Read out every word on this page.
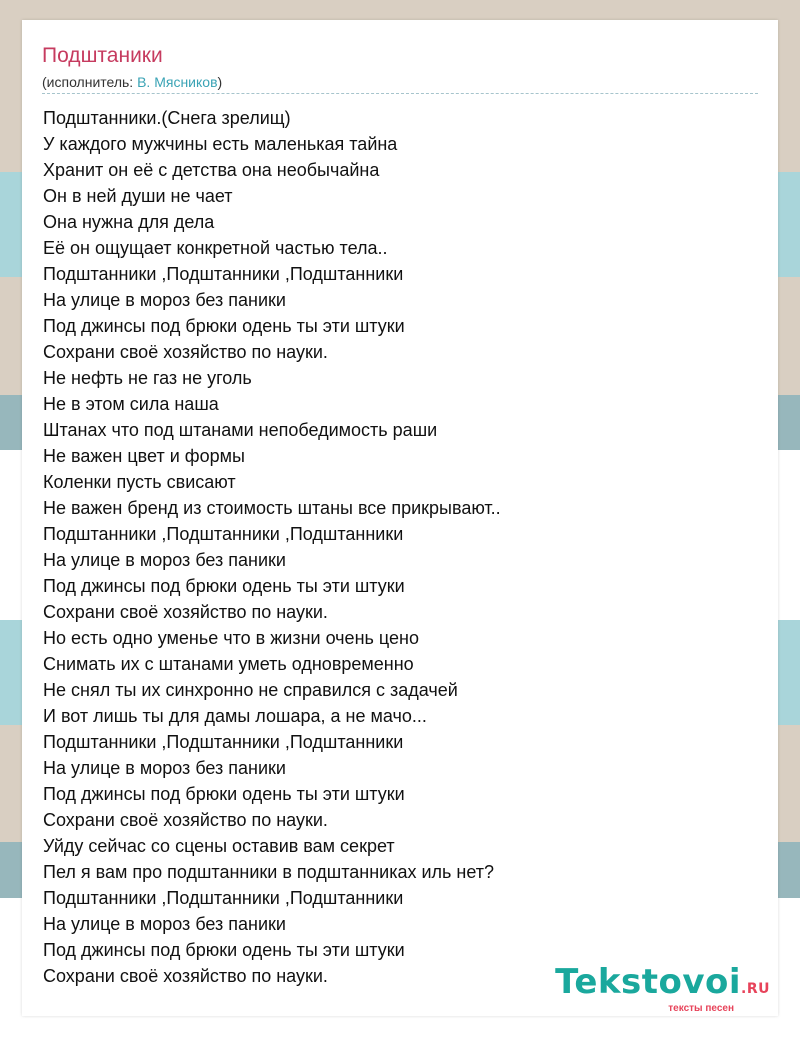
Подштаники
(исполнитель: В. Мясников)
Подштанники.(Снега зрелищ)
У каждого мужчины есть маленькая тайна
Хранит он её с детства она необычайна
Он в ней души не чает
Она нужна для дела
Её он ощущает конкретной частью тела..
Подштанники ,Подштанники ,Подштанники
На улице в мороз без паники
Под джинсы под брюки одень ты эти штуки
Сохрани своё хозяйство по науки.
Не нефть не газ не уголь
Не в этом сила наша
Штанах что под штанами непобедимость раши
Не важен цвет и формы
Коленки пусть свисают
Не важен бренд из стоимость штаны все прикрывают..
Подштанники ,Подштанники ,Подштанники
На улице в мороз без паники
Под джинсы под брюки одень ты эти штуки
Сохрани своё хозяйство по науки.
Но есть одно уменье что в жизни очень цено
Снимать их с штанами уметь одновременно
Не снял ты их синхронно не справился с задачей
И вот лишь ты для дамы лошара, а не мачо...
Подштанники ,Подштанники ,Подштанники
На улице в мороз без паники
Под джинсы под брюки одень ты эти штуки
Сохрани своё хозяйство по науки.
Уйду сейчас со сцены оставив вам секрет
Пел я вам про подштанники в подштанниках иль нет?
Подштанники ,Подштанники ,Подштанники
На улице в мороз без паники
Под джинсы под брюки одень ты эти штуки
Сохрани своё хозяйство по науки.	Tekstovoi.RU
тексты песен
